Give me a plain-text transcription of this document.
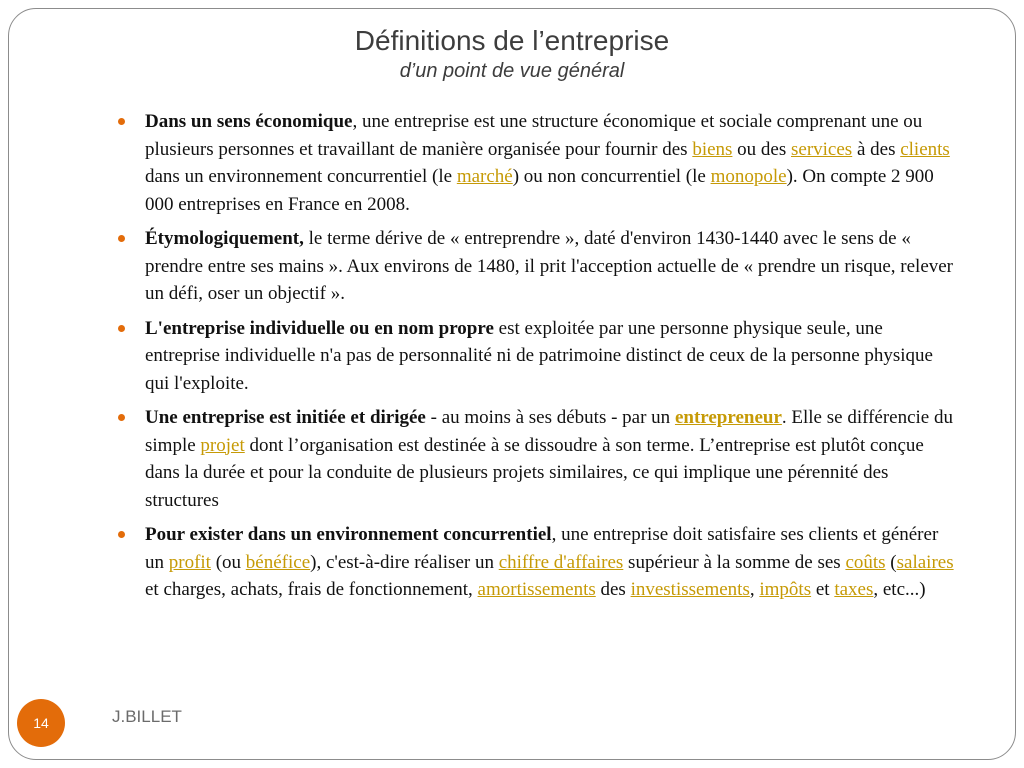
Définitions de l’entreprise
d’un point de vue général
Dans un sens économique, une entreprise est une structure économique et sociale comprenant une ou plusieurs personnes et travaillant de manière organisée pour fournir des biens ou des services à des clients dans un environnement concurrentiel (le marché) ou non concurrentiel (le monopole). On compte 2 900 000 entreprises en France en 2008.
Étymologiquement, le terme dérive de « entreprendre », daté d'environ 1430-1440 avec le sens de « prendre entre ses mains ». Aux environs de 1480, il prit l'acception actuelle de « prendre un risque, relever un défi, oser un objectif ».
L'entreprise individuelle ou en nom propre est exploitée par une personne physique seule, une entreprise individuelle n'a pas de personnalité ni de patrimoine distinct de ceux de la personne physique qui l'exploite.
Une entreprise est initiée et dirigée - au moins à ses débuts - par un entrepreneur. Elle se différencie du simple projet dont l’organisation est destinée à se dissoudre à son terme. L’entreprise est plutôt conçue dans la durée et pour la conduite de plusieurs projets similaires, ce qui implique une pérennité des structures
Pour exister dans un environnement concurrentiel, une entreprise doit satisfaire ses clients et générer un profit (ou bénéfice), c'est-à-dire réaliser un chiffre d'affaires supérieur à la somme de ses coûts (salaires et charges, achats, frais de fonctionnement, amortissements des investissements, impôts et taxes, etc...)
14	J.BILLET
